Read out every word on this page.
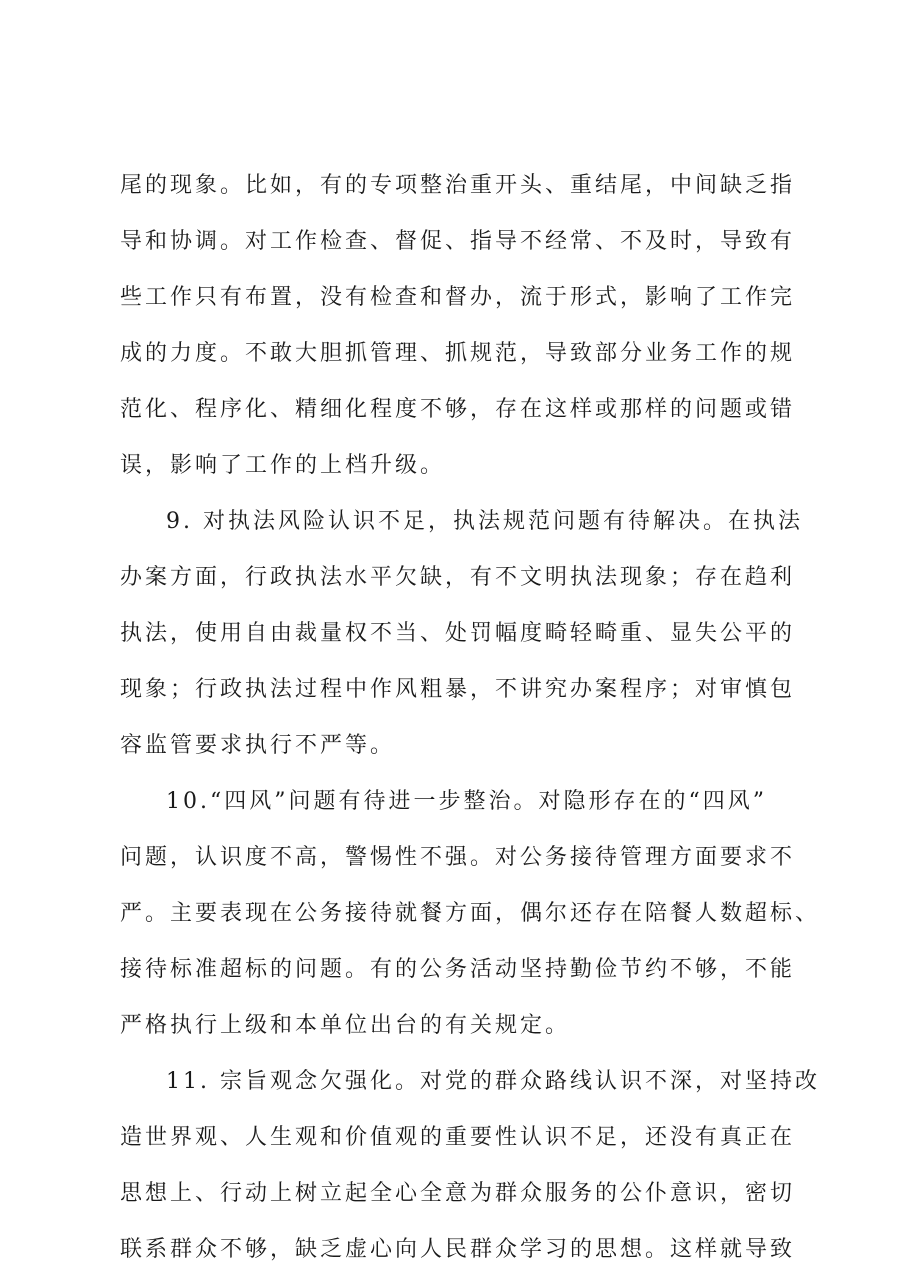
尾的现象。比如，有的专项整治重开头、重结尾，中间缺乏指
导和协调。对工作检查、督促、指导不经常、不及时，导致有
些工作只有布置，没有检查和督办，流于形式，影响了工作完
成的力度。不敢大胆抓管理、抓规范，导致部分业务工作的规
范化、程序化、精细化程度不够，存在这样或那样的问题或错
误，影响了工作的上档升级。
9. 对执法风险认识不足，执法规范问题有待解决。在执法
办案方面，行政执法水平欠缺，有不文明执法现象；存在趋利
执法，使用自由裁量权不当、处罚幅度畸轻畸重、显失公平的
现象；行政执法过程中作风粗暴，不讲究办案程序；对审慎包
容监管要求执行不严等。
10.“四风”问题有待进一步整治。对隐形存在的“四风”
问题，认识度不高，警惕性不强。对公务接待管理方面要求不
严。主要表现在公务接待就餐方面，偶尔还存在陪餐人数超标、
接待标准超标的问题。有的公务活动坚持勤俭节约不够，不能
严格执行上级和本单位出台的有关规定。
11. 宗旨观念欠强化。对党的群众路线认识不深，对坚持改
造世界观、人生观和价值观的重要性认识不足，还没有真正在
思想上、行动上树立起全心全意为群众服务的公仆意识，密切
联系群众不够，缺乏虚心向人民群众学习的思想。这样就导致
